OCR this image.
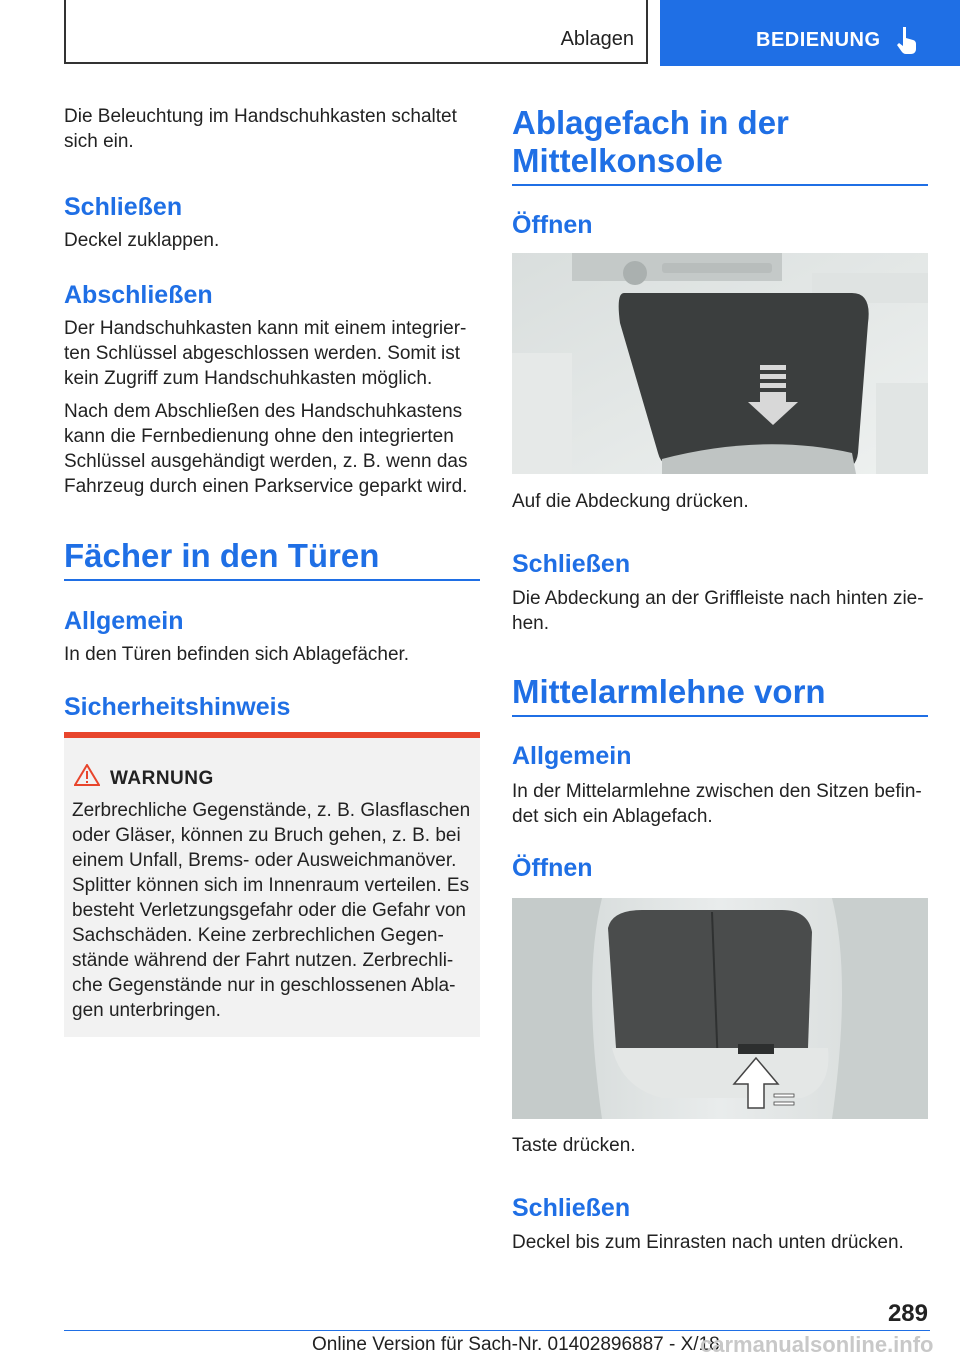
Ablagen	BEDIENUNG

Die Beleuchtung im Handschuhkasten schaltet sich ein.

Schließen

Deckel zuklappen.

Abschließen

Der Handschuhkasten kann mit einem integrier‐ten Schlüssel abgeschlossen werden. Somit ist kein Zugriff zum Handschuhkasten möglich.

Nach dem Abschließen des Handschuhkastens kann die Fernbedienung ohne den integrierten Schlüssel ausgehändigt werden, z. B. wenn das Fahrzeug durch einen Parkservice geparkt wird.

Fächer in den Türen
Allgemein

In den Türen befinden sich Ablagefächer.

Sicherheitshinweis
WARNUNG

Zerbrechliche Gegenstände, z. B. Glasflaschen oder Gläser, können zu Bruch gehen, z. B. bei einem Unfall, Brems- oder Ausweichmanöver. Splitter können sich im Innenraum verteilen. Es besteht Verletzungsgefahr oder die Gefahr von Sachschäden. Keine zerbrechlichen Gegen‐stände während der Fahrt nutzen. Zerbrechli‐che Gegenstände nur in geschlossenen Abla‐gen unterbringen.

Ablagefach in der Mittelkonsole
Öffnen

Auf die Abdeckung drücken.

Schließen

Die Abdeckung an der Griffleiste nach hinten zie‐hen.

Mittelarmlehne vorn
Allgemein

In der Mittelarmlehne zwischen den Sitzen befin‐det sich ein Ablagefach.

Öffnen

Taste drücken.

Schließen

Deckel bis zum Einrasten nach unten drücken.

289
Online Version für Sach-Nr. 01402896887 - X/18
carmanualsonline.info
